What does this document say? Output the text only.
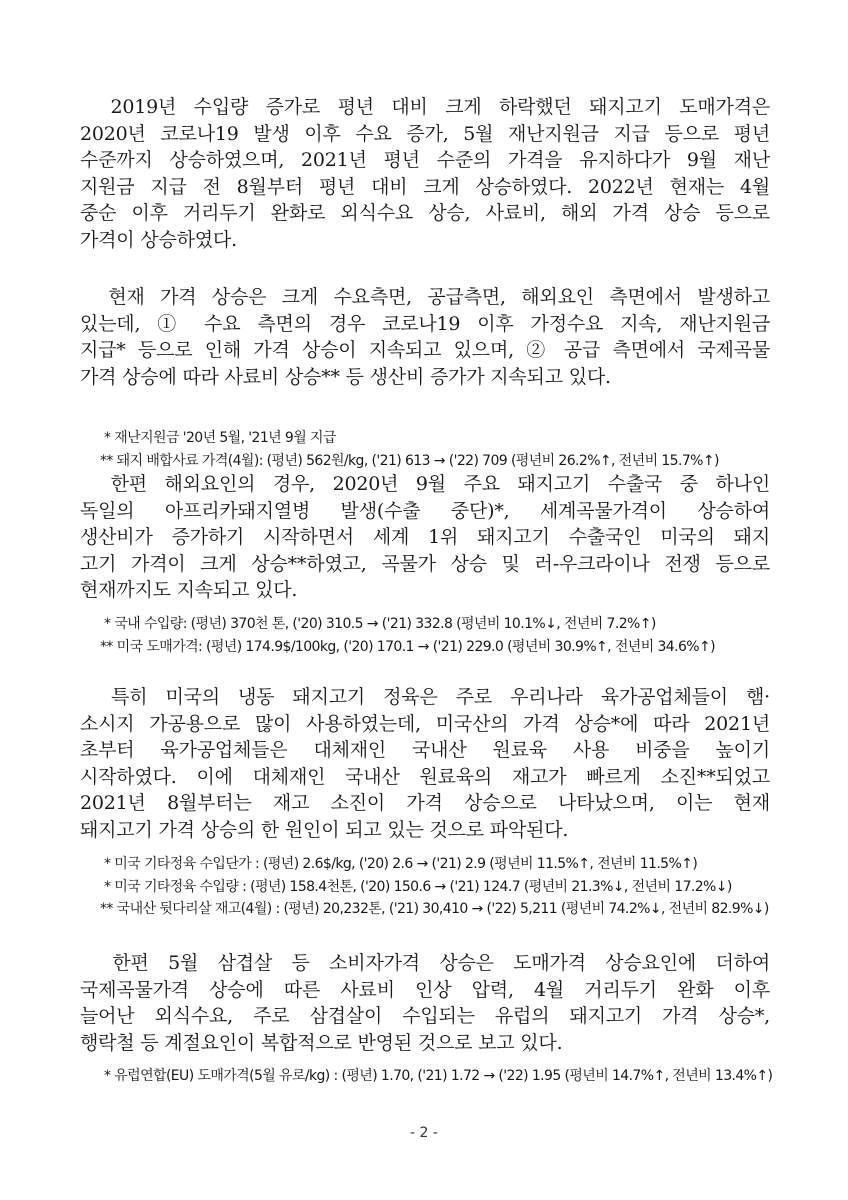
　2019년 수입량 증가로 평년 대비 크게 하락했던 돼지고기 도매가격은
2020년 코로나19 발생 이후 수요 증가, 5월 재난지원금 지급 등으로 평년
수준까지 상승하였으며, 2021년 평년 수준의 가격을 유지하다가 9월 재난
지원금 지급 전 8월부터 평년 대비 크게 상승하였다. 2022년 현재는 4월
중순 이후 거리두기 완화로 외식수요 상승, 사료비, 해외 가격 상승 등으로
가격이 상승하였다.
　현재 가격 상승은 크게 수요측면, 공급측면, 해외요인 측면에서 발생하고
있는데, ① 수요 측면의 경우 코로나19 이후 가정수요 지속, 재난지원금
지급* 등으로 인해 가격 상승이 지속되고 있으며, ② 공급 측면에서 국제곡물
가격 상승에 따라 사료비 상승** 등 생산비 증가가 지속되고 있다.
* 재난지원금 '20년 5월, '21년 9월 지급
** 돼지 배합사료 가격(4월): (평년) 562원/kg, ('21) 613 → ('22) 709 (평년비 26.2%↑, 전년비 15.7%↑)
　한편 해외요인의 경우, 2020년 9월 주요 돼지고기 수출국 중 하나인
독일의 아프리카돼지열병 발생(수출 중단)*, 세계곡물가격이 상승하여
생산비가 증가하기 시작하면서 세계 1위 돼지고기 수출국인 미국의 돼지
고기 가격이 크게 상승**하였고, 곡물가 상승 및 러-우크라이나 전쟁 등으로
현재까지도 지속되고 있다.
* 국내 수입량: (평년) 370천 톤, ('20) 310.5 → ('21) 332.8 (평년비 10.1%↓, 전년비 7.2%↑)
** 미국 도매가격: (평년) 174.9$/100kg, ('20) 170.1 → ('21) 229.0 (평년비 30.9%↑, 전년비 34.6%↑)
　특히 미국의 냉동 돼지고기 정육은 주로 우리나라 육가공업체들이 햄·
소시지 가공용으로 많이 사용하였는데, 미국산의 가격 상승*에 따라 2021년
초부터 육가공업체들은 대체재인 국내산 원료육 사용 비중을 높이기
시작하였다. 이에 대체재인 국내산 원료육의 재고가 빠르게 소진**되었고
2021년 8월부터는 재고 소진이 가격 상승으로 나타났으며, 이는 현재
돼지고기 가격 상승의 한 원인이 되고 있는 것으로 파악된다.
* 미국 기타정육 수입단가 : (평년) 2.6$/kg, ('20) 2.6 → ('21) 2.9 (평년비 11.5%↑, 전년비 11.5%↑)
* 미국 기타정육 수입량 : (평년) 158.4천톤, ('20) 150.6 → ('21) 124.7 (평년비 21.3%↓, 전년비 17.2%↓)
** 국내산 뒷다리살 재고(4월) : (평년) 20,232톤, ('21) 30,410 → ('22) 5,211 (평년비 74.2%↓, 전년비 82.9%↓)
　한편 5월 삼겹살 등 소비자가격 상승은 도매가격 상승요인에 더하여
국제곡물가격 상승에 따른 사료비 인상 압력, 4월 거리두기 완화 이후
늘어난 외식수요, 주로 삼겹살이 수입되는 유럽의 돼지고기 가격 상승*,
행락철 등 계절요인이 복합적으로 반영된 것으로 보고 있다.
* 유럽연합(EU) 도매가격(5월 유로/kg) : (평년) 1.70, ('21) 1.72 → ('22) 1.95 (평년비 14.7%↑, 전년비 13.4%↑)
- 2 -
